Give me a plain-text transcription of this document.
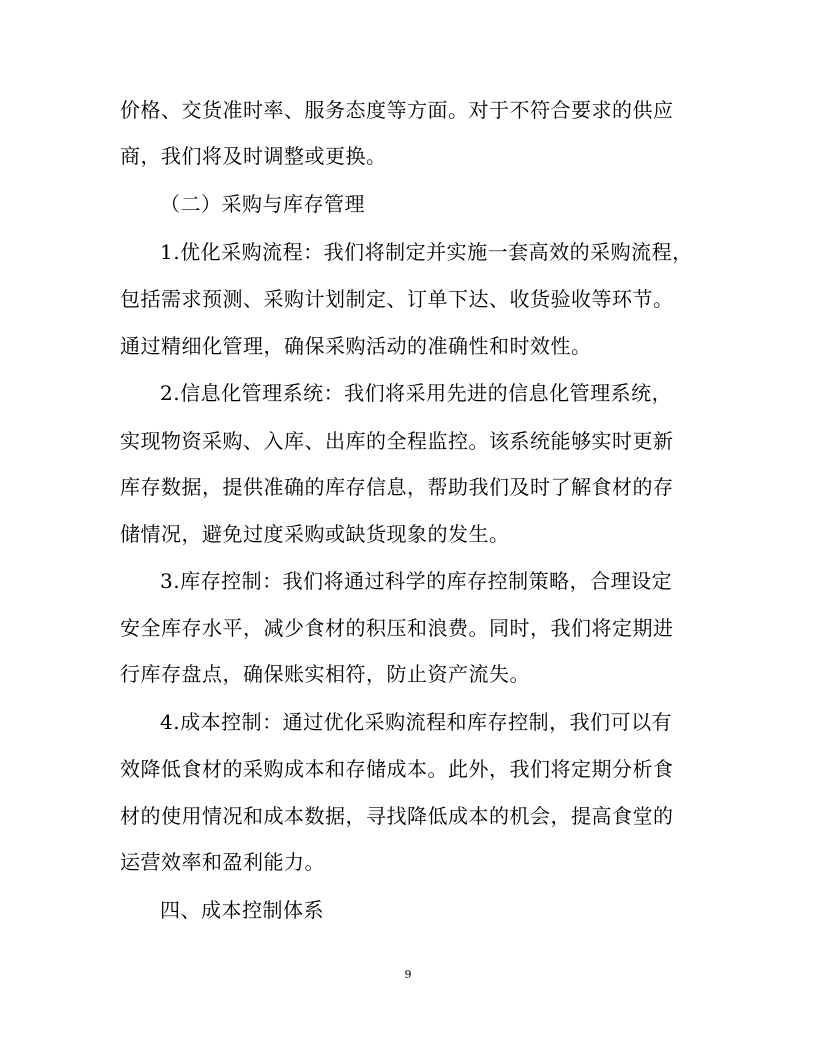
价格、交货准时率、服务态度等方面。对于不符合要求的供应
商，我们将及时调整或更换。
（二）采购与库存管理
1.优化采购流程：我们将制定并实施一套高效的采购流程，
包括需求预测、采购计划制定、订单下达、收货验收等环节。
通过精细化管理，确保采购活动的准确性和时效性。
2.信息化管理系统：我们将采用先进的信息化管理系统，
实现物资采购、入库、出库的全程监控。该系统能够实时更新
库存数据，提供准确的库存信息，帮助我们及时了解食材的存
储情况，避免过度采购或缺货现象的发生。
3.库存控制：我们将通过科学的库存控制策略，合理设定
安全库存水平，减少食材的积压和浪费。同时，我们将定期进
行库存盘点，确保账实相符，防止资产流失。
4.成本控制：通过优化采购流程和库存控制，我们可以有
效降低食材的采购成本和存储成本。此外，我们将定期分析食
材的使用情况和成本数据，寻找降低成本的机会，提高食堂的
运营效率和盈利能力。
四、成本控制体系
9
